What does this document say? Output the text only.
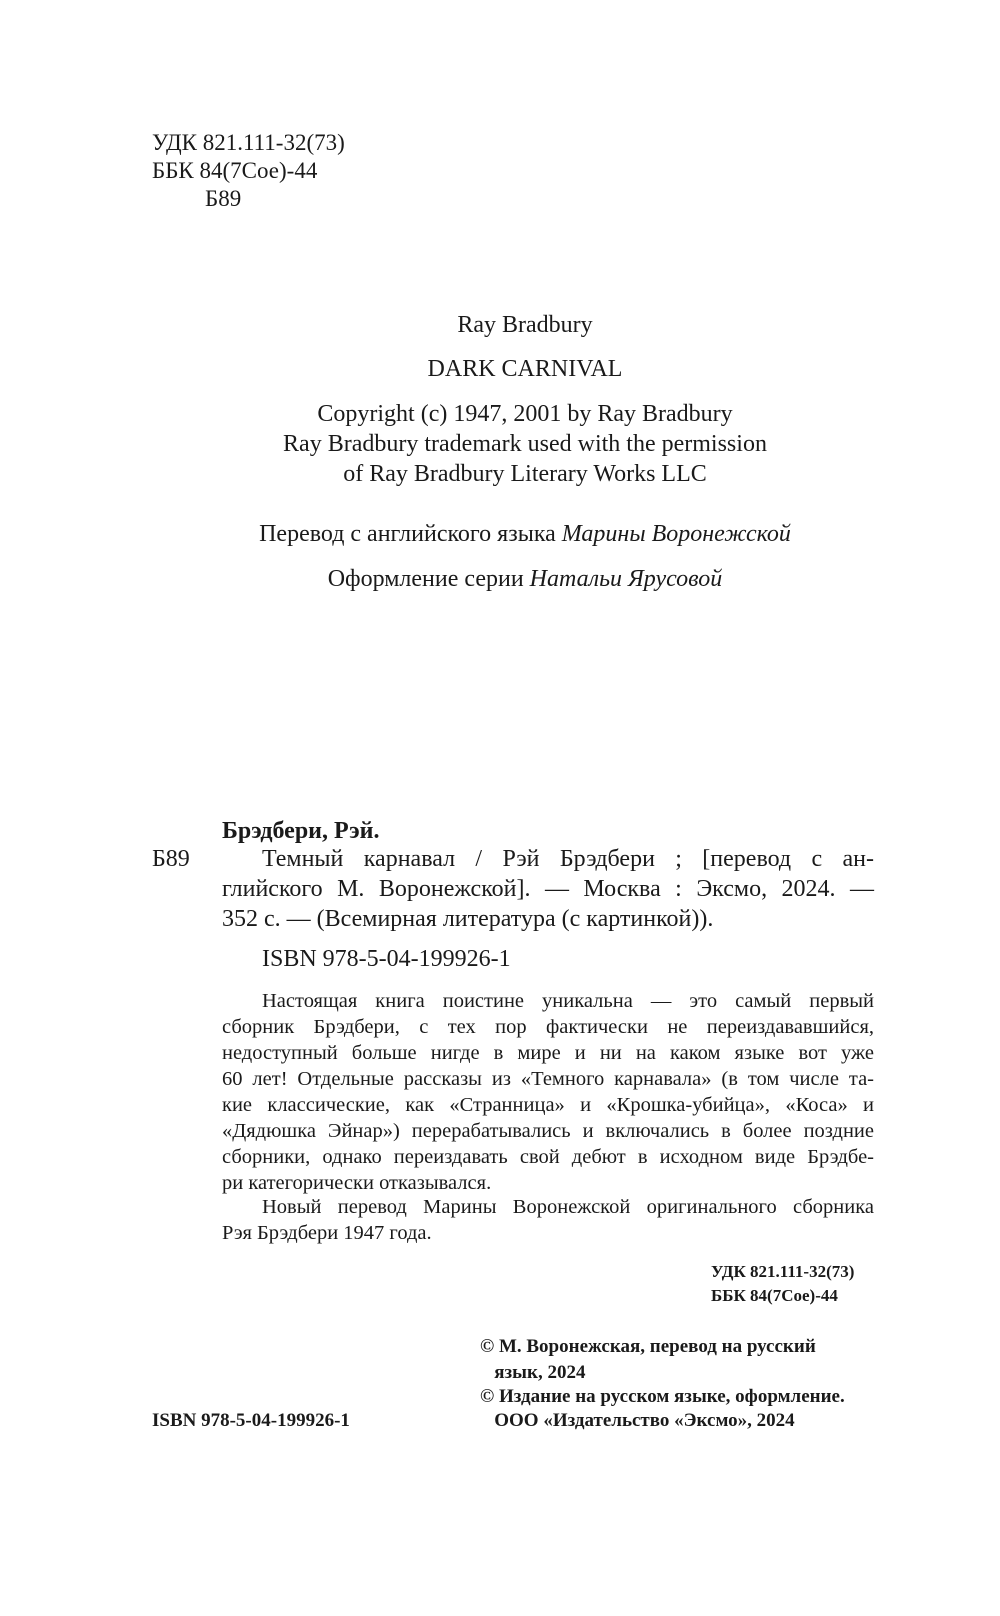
УДК 821.111-32(73)
ББК 84(7Сое)-44
Б89
Ray Bradbury
DARK CARNIVAL
Copyright (c) 1947, 2001 by Ray Bradbury
Ray Bradbury trademark used with the permission
of Ray Bradbury Literary Works LLC
Перевод с английского языка Марины Воронежской
Оформление серии Натальи Ярусовой
Брэдбери, Рэй.
Б89	Темный карнавал / Рэй Брэдбери ; [перевод с ан-
глийского М. Воронежской]. — Москва : Эксмо, 2024. —
352 с. — (Всемирная литература (с картинкой)).
ISBN 978-5-04-199926-1
Настоящая книга поистине уникальна — это самый первый
сборник Брэдбери, с тех пор фактически не переиздававшийся,
недоступный больше нигде в мире и ни на каком языке вот уже
60 лет! Отдельные рассказы из «Темного карнавала» (в том числе та-
кие классические, как «Странница» и «Крошка-убийца», «Коса» и
«Дядюшка Эйнар») перерабатывались и включались в более поздние
сборники, однако переиздавать свой дебют в исходном виде Брэдбе-
ри категорически отказывался.
Новый перевод Марины Воронежской оригинального сборника
Рэя Брэдбери 1947 года.
УДК 821.111-32(73)
ББК 84(7Сое)-44
ISBN 978-5-04-199926-1
© М. Воронежская, перевод на русский
язык, 2024
© Издание на русском языке, оформление.
ООО «Издательство «Эксмо», 2024
